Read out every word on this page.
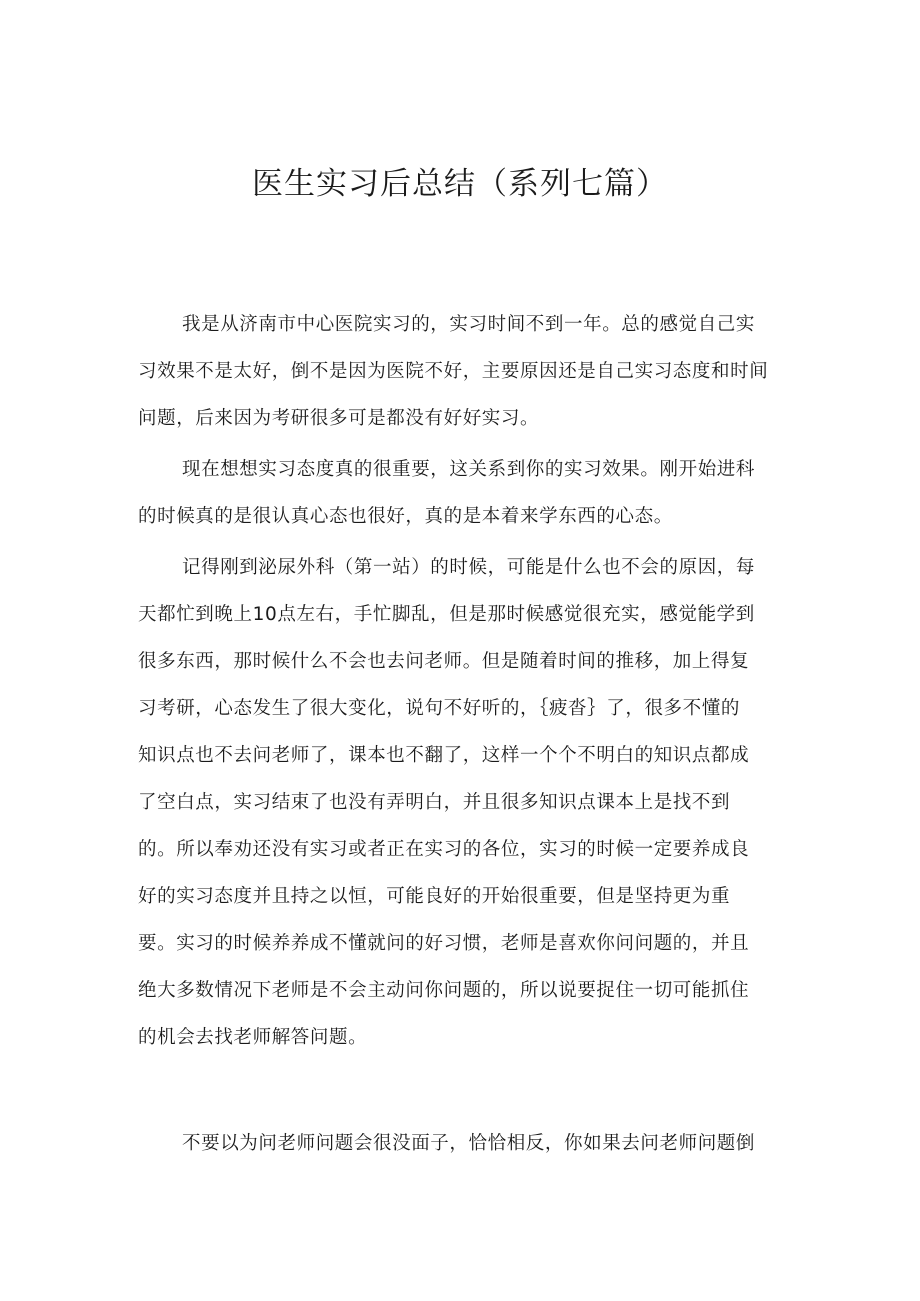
医生实习后总结（系列七篇）

我是从济南市中心医院实习的，实习时间不到一年。总的感觉自己实

习效果不是太好，倒不是因为医院不好，主要原因还是自己实习态度和时间

问题，后来因为考研很多可是都没有好好实习。

现在想想实习态度真的很重要，这关系到你的实习效果。刚开始进科

的时候真的是很认真心态也很好，真的是本着来学东西的心态。

记得刚到泌尿外科（第一站）的时候，可能是什么也不会的原因，每

天都忙到晚上10点左右，手忙脚乱，但是那时候感觉很充实，感觉能学到

很多东西，那时候什么不会也去问老师。但是随着时间的推移，加上得复

习考研，心态发生了很大变化，说句不好听的，｛疲沓｝了，很多不懂的

知识点也不去问老师了，课本也不翻了，这样一个个不明白的知识点都成

了空白点，实习结束了也没有弄明白，并且很多知识点课本上是找不到

的。所以奉劝还没有实习或者正在实习的各位，实习的时候一定要养成良

好的实习态度并且持之以恒，可能良好的开始很重要，但是坚持更为重

要。实习的时候养养成不懂就问的好习惯，老师是喜欢你问问题的，并且

绝大多数情况下老师是不会主动问你问题的，所以说要捉住一切可能抓住

的机会去找老师解答问题。

不要以为问老师问题会很没面子，恰恰相反，你如果去问老师问题倒
